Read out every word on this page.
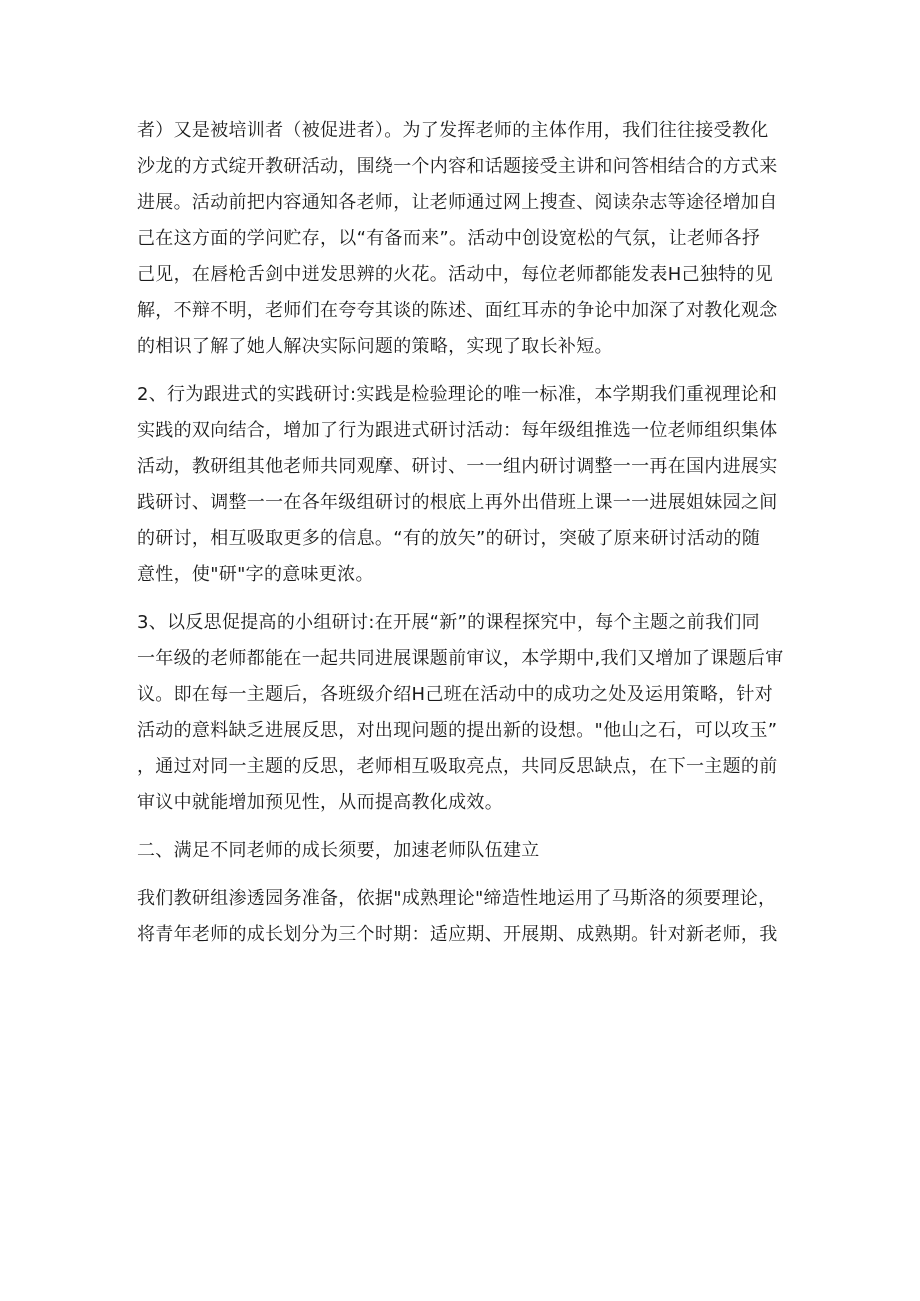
者）又是被培训者（被促进者）。为了发挥老师的主体作用，我们往往接受教化
沙龙的方式绽开教研活动，围绕一个内容和话题接受主讲和问答相结合的方式来
进展。活动前把内容通知各老师，让老师通过网上搜查、阅读杂志等途径增加自
己在这方面的学问贮存，以“有备而来”。活动中创设宽松的气氛，让老师各抒
己见，在唇枪舌剑中迸发思辨的火花。活动中，每位老师都能发表H己独特的见
解，不辩不明，老师们在夸夸其谈的陈述、面红耳赤的争论中加深了对教化观念
的相识了解了她人解决实际问题的策略，实现了取长补短。
2、行为跟进式的实践研讨:实践是检验理论的唯一标准，本学期我们重视理论和
实践的双向结合，增加了行为跟进式研讨活动：每年级组推选一位老师组织集体
活动，教研组其他老师共同观摩、研讨、一一组内研讨调整一一再在国内进展实
践研讨、调整一一在各年级组研讨的根底上再外出借班上课一一进展姐妹园之间
的研讨，相互吸取更多的信息。“有的放矢”的研讨，突破了原来研讨活动的随
意性，使"研"字的意味更浓。
3、以反思促提高的小组研讨:在开展“新”的课程探究中，每个主题之前我们同
一年级的老师都能在一起共同进展课题前审议，本学期中,我们又增加了课题后审
议。即在每一主题后，各班级介绍H己班在活动中的成功之处及运用策略，针对
活动的意料缺乏进展反思，对出现问题的提出新的设想。"他山之石，可以攻玉”
，通过对同一主题的反思，老师相互吸取亮点，共同反思缺点，在下一主题的前
审议中就能增加预见性，从而提高教化成效。
二、满足不同老师的成长须要，加速老师队伍建立
我们教研组渗透园务准备，依据"成熟理论"缔造性地运用了马斯洛的须要理论，
将青年老师的成长划分为三个时期：适应期、开展期、成熟期。针对新老师，我
